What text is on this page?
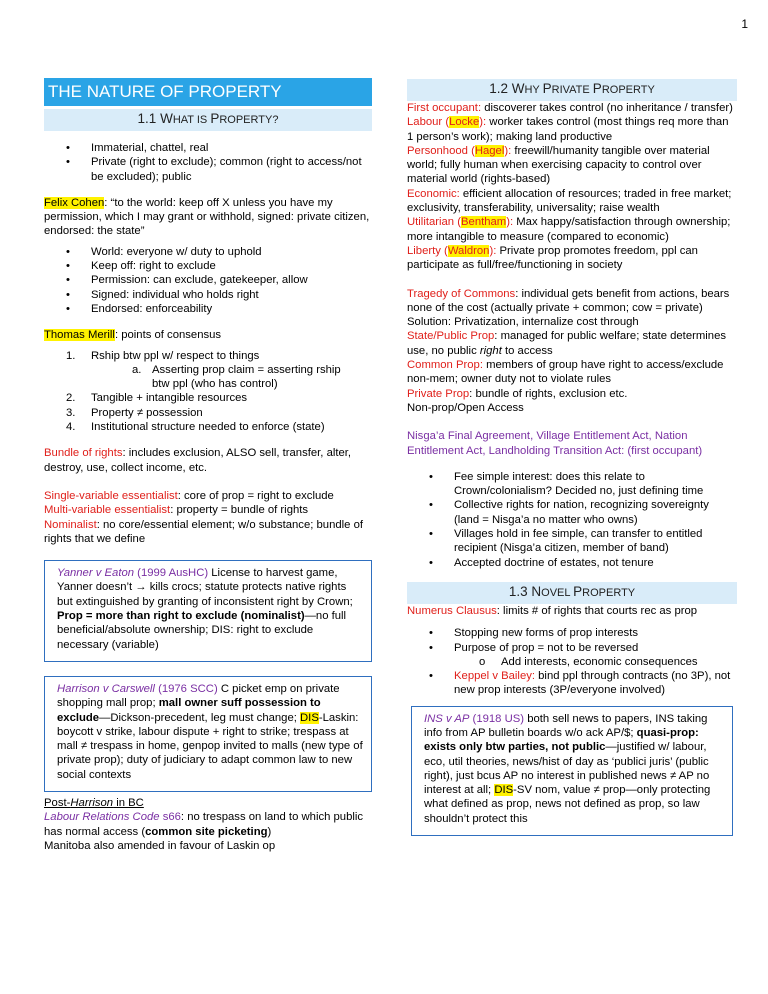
1
THE NATURE OF PROPERTY
1.1 WHAT IS PROPERTY?
• Immaterial, chattel, real
• Private (right to exclude); common (right to access/not be excluded); public

Felix Cohen: “to the world: keep off X unless you have my permission, which I may grant or withhold, signed: private citizen, endorsed: the state”

• World: everyone w/ duty to uphold
• Keep off: right to exclude
• Permission: can exclude, gatekeeper, allow
• Signed: individual who holds right
• Endorsed: enforceability

Thomas Merill: points of consensus

1. Rship btw ppl w/ respect to things
a. Asserting prop claim = asserting rship btw ppl (who has control)
2. Tangible + intangible resources
3. Property ≠ possession
4. Institutional structure needed to enforce (state)

Bundle of rights: includes exclusion, ALSO sell, transfer, alter, destroy, use, collect income, etc.

Single-variable essentialist: core of prop = right to exclude

Multi-variable essentialist: property = bundle of rights

Nominalist: no core/essential element; w/o substance; bundle of rights that we define

Yanner v Eaton (1999 AusHC) License to harvest game, Yanner doesn’t → kills crocs; statute protects native rights but extinguished by granting of inconsistent right by Crown; Prop = more than right to exclude (nominalist)—no full beneficial/absolute ownership; DIS: right to exclude necessary (variable)
Harrison v Carswell (1976 SCC) C picket emp on private shopping mall prop; mall owner suff possession to exclude—Dickson-precedent, leg must change; DIS-Laskin: boycott v strike, labour dispute + right to strike; trespass at mall ≠ trespass in home, genpop invited to malls (new type of private prop); duty of judiciary to adapt common law to new social contexts

Post-Harrison in BC

Labour Relations Code s66: no trespass on land to which public has normal access (common site picketing)

Manitoba also amended in favour of Laskin op

1.2 WHY PRIVATE PROPERTY

First occupant: discoverer takes control (no inheritance / transfer)

Labour (Locke): worker takes control (most things req more than 1 person’s work); making land productive

Personhood (Hagel): freewill/humanity tangible over material world; fully human when exercising capacity to control over material world (rights-based)

Economic: efficient allocation of resources; traded in free market; exclusivity, transferability, universality; raise wealth

Utilitarian (Bentham): Max happy/satisfaction through ownership; more intangible to measure (compared to economic)

Liberty (Waldron): Private prop promotes freedom, ppl can participate as full/free/functioning in society

Tragedy of Commons: individual gets benefit from actions, bears none of the cost (actually private + common; cow = private)

Solution: Privatization, internalize cost through

State/Public Prop: managed for public welfare; state determines use, no public right to access

Common Prop: members of group have right to access/exclude non-mem; owner duty not to violate rules

Private Prop: bundle of rights, exclusion etc.

Non-prop/Open Access

Nisga’a Final Agreement, Village Entitlement Act, Nation Entitlement Act, Landholding Transition Act: (first occupant)

• Fee simple interest: does this relate to Crown/colonialism? Decided no, just defining time
• Collective rights for nation, recognizing sovereignty (land = Nisga’a no matter who owns)
• Villages hold in fee simple, can transfer to entitled recipient (Nisga’a citizen, member of band)
• Accepted doctrine of estates, not tenure
1.3 NOVEL PROPERTY

Numerus Clausus: limits # of rights that courts rec as prop

• Stopping new forms of prop interests
• Purpose of prop = not to be reversed
o Add interests, economic consequences
• Keppel v Bailey: bind ppl through contracts (no 3P), not new prop interests (3P/everyone involved)
INS v AP (1918 US) both sell news to papers, INS taking info from AP bulletin boards w/o ack AP/$; quasi-prop: exists only btw parties, not public—justified w/ labour, eco, util theories, news/hist of day as ‘publici juris’ (public right), just bcus AP no interest in published news ≠ AP no interest at all; DIS-SV nom, value ≠ prop—only protecting what defined as prop, news not defined as prop, so law shouldn’t protect this
